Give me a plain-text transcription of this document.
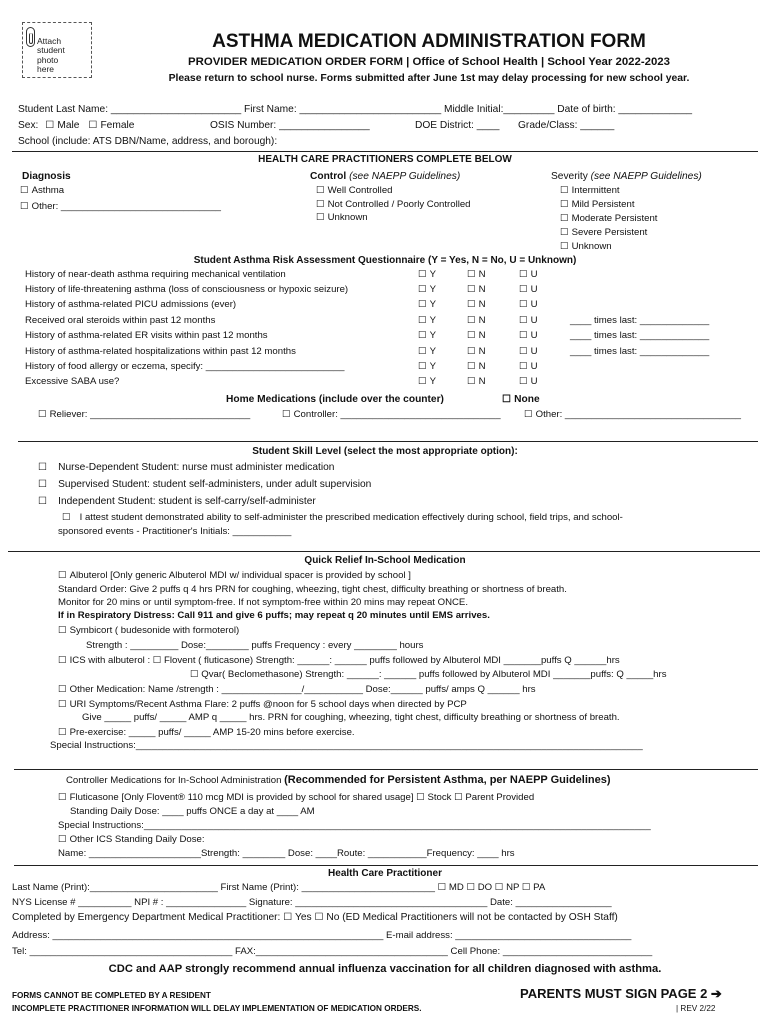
Attach student photo here
ASTHMA MEDICATION ADMINISTRATION FORM
PROVIDER MEDICATION ORDER FORM | Office of School Health | School Year 2022-2023
Please return to school nurse. Forms submitted after June 1st may delay processing for new school year.
Student Last Name: _______________________ First Name: _________________________ Middle Initial:_________ Date of birth: _____________
Sex: ☐ Male ☐ Female	OSIS Number: ________________	DOE District: ____ Grade/Class: ______
School (include: ATS DBN/Name, address, and borough):
HEALTH CARE PRACTITIONERS COMPLETE BELOW
Diagnosis
☐ Asthma
☐ Other: ______________________________
Control (see NAEPP Guidelines)
☐ Well Controlled
☐ Not Controlled / Poorly Controlled
☐ Unknown
Severity (see NAEPP Guidelines)
☐ Intermittent
☐ Mild Persistent
☐ Moderate Persistent
☐ Severe Persistent
☐ Unknown
Student Asthma Risk Assessment Questionnaire (Y = Yes, N = No, U = Unknown)
History of near-death asthma requiring mechanical ventilation	☐ Y	☐ N	☐ U
History of life-threatening asthma (loss of consciousness or hypoxic seizure)	☐ Y	☐ N	☐ U
History of asthma-related PICU admissions (ever)	☐ Y	☐ N	☐ U
Received oral steroids within past 12 months	☐ Y	☐ N	☐ U	____ times last: _____________
History of asthma-related ER visits within past 12 months	☐ Y	☐ N	☐ U	____ times last: _____________
History of asthma-related hospitalizations within past 12 months	☐ Y	☐ N	☐ U	____ times last: _____________
History of food allergy or eczema, specify: __________________________	☐ Y	☐ N	☐ U
Excessive SABA use?	☐ Y	☐ N	☐ U
Home Medications (include over the counter)	☐ None
☐ Reliever: ______________________________	☐ Controller: ______________________________	☐ Other: _________________________________
Student Skill Level (select the most appropriate option):
☐ Nurse-Dependent Student: nurse must administer medication
☐ Supervised Student: student self-administers, under adult supervision
☐ Independent Student: student is self-carry/self-administer
☐ I attest student demonstrated ability to self-administer the prescribed medication effectively during school, field trips, and school-
sponsored events - Practitioner's Initials: ___________
Quick Relief In-School Medication
☐ Albuterol [Only generic Albuterol MDI w/ individual spacer is provided by school ]
Standard Order: Give 2 puffs q 4 hrs PRN for coughing, wheezing, tight chest, difficulty breathing or shortness of breath.
Monitor for 20 mins or until symptom-free. If not symptom-free within 20 mins may repeat ONCE.
If in Respiratory Distress: Call 911 and give 6 puffs; may repeat q 20 minutes until EMS arrives.
☐ Symbicort ( budesonide with formoterol)
Strength : _________ Dose:________ puffs Frequency : every ________ hours
☐ ICS with albuterol : ☐ Flovent ( fluticasone) Strength: ______: ______ puffs followed by Albuterol MDI _______puffs Q ______hrs
☐ Qvar( Beclomethasone) Strength: ______: ______ puffs followed by Albuterol MDI _______puffs: Q _____hrs
☐ Other Medication: Name /strength : _______________/___________ Dose:______ puffs/ amps Q ______ hrs
☐ URI Symptoms/Recent Asthma Flare: 2 puffs @noon for 5 school days when directed by PCP
Give _____ puffs/ _____ AMP q _____ hrs. PRN for coughing, wheezing, tight chest, difficulty breathing or shortness of breath.
☐ Pre-exercise: _____ puffs/ _____ AMP 15-20 mins before exercise.
Special Instructions:_______________________________________________________________________________________________
Controller Medications for In-School Administration (Recommended for Persistent Asthma, per NAEPP Guidelines)
☐ Fluticasone [Only Flovent® 110 mcg MDI is provided by school for shared usage] ☐ Stock ☐ Parent Provided
Standing Daily Dose: ____ puffs ONCE a day at ____ AM
Special Instructions:_______________________________________________________________________________________________
☐ Other ICS Standing Daily Dose:
Name: _____________________Strength: ________ Dose: ____Route: ___________Frequency: ____ hrs
Health Care Practitioner
Last Name (Print):________________________ First Name (Print): _________________________ ☐ MD ☐ DO ☐ NP ☐ PA
NYS License # __________ NPI # : _______________ Signature: ____________________________________ Date: __________________
Completed by Emergency Department Medical Practitioner: ☐ Yes ☐ No (ED Medical Practitioners will not be contacted by OSH Staff)
Address: ______________________________________________________________ E-mail address: _________________________________
Tel: ______________________________________ FAX:____________________________________ Cell Phone: ____________________________
CDC and AAP strongly recommend annual influenza vaccination for all children diagnosed with asthma.
FORMS CANNOT BE COMPLETED BY A RESIDENT
INCOMPLETE PRACTITIONER INFORMATION WILL DELAY IMPLEMENTATION OF MEDICATION ORDERS.
PARENTS MUST SIGN PAGE 2 ➔
| REV 2/22
